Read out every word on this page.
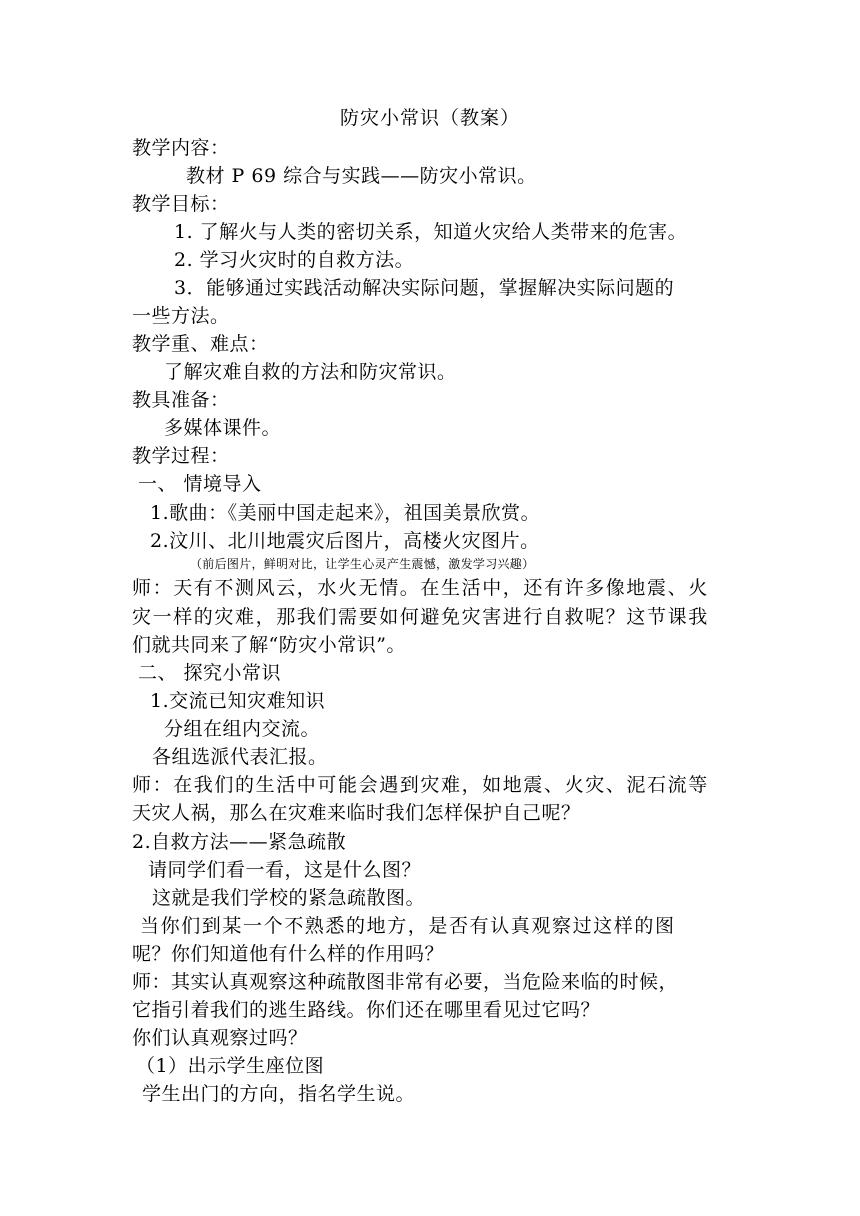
防灾小常识（教案）
教学内容：
教材 P 69 综合与实践——防灾小常识。
教学目标：
1. 了解火与人类的密切关系，知道火灾给人类带来的危害。
2. 学习火灾时的自救方法。
3．能够通过实践活动解决实际问题，掌握解决实际问题的
一些方法。
教学重、难点：
了解灾难自救的方法和防灾常识。
教具准备：
多媒体课件。
教学过程：
一、 情境导入
1.歌曲：《美丽中国走起来》，祖国美景欣赏。
2.汶川、北川地震灾后图片，高楼火灾图片。
（前后图片，鲜明对比，让学生心灵产生震憾，激发学习兴趣）
师：天有不测风云，水火无情。在生活中，还有许多像地震、火
灾一样的灾难，那我们需要如何避免灾害进行自救呢？这节课我
们就共同来了解“防灾小常识”。
二、 探究小常识
1.交流已知灾难知识
分组在组内交流。
各组选派代表汇报。
师：在我们的生活中可能会遇到灾难，如地震、火灾、泥石流等
天灾人祸，那么在灾难来临时我们怎样保护自己呢？
2.自救方法——紧急疏散
请同学们看一看，这是什么图？
这就是我们学校的紧急疏散图。
当你们到某一个不熟悉的地方，是否有认真观察过这样的图
呢？你们知道他有什么样的作用吗？
师：其实认真观察这种疏散图非常有必要，当危险来临的时候，
它指引着我们的逃生路线。你们还在哪里看见过它吗？
你们认真观察过吗？
（1）出示学生座位图
学生出门的方向，指名学生说。
